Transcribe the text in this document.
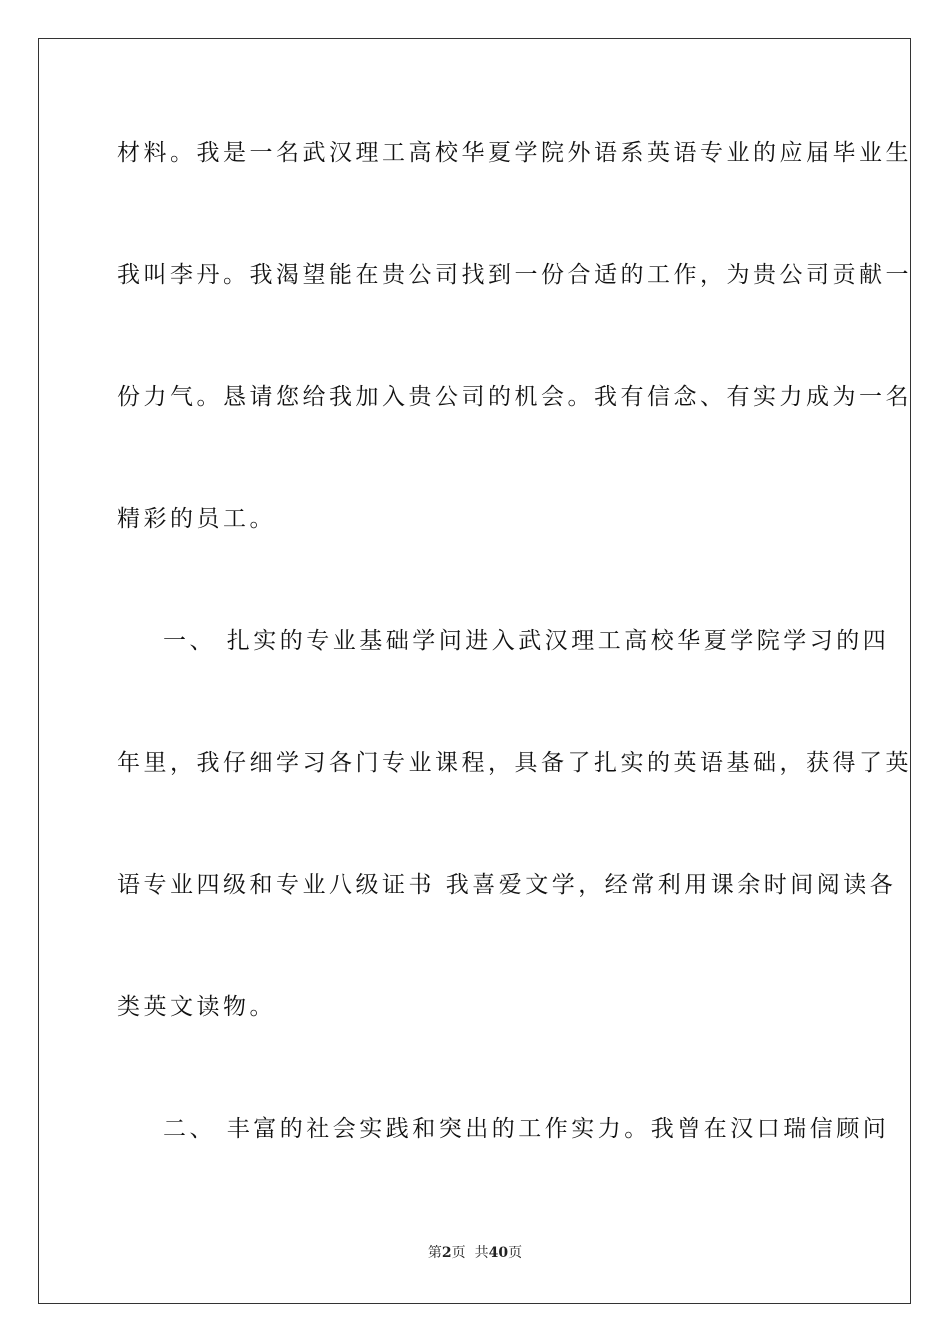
材料。我是一名武汉理工高校华夏学院外语系英语专业的应届毕业生
我叫李丹。我渴望能在贵公司找到一份合适的工作，为贵公司贡献一
份力气。恳请您给我加入贵公司的机会。我有信念、有实力成为一名
精彩的员工。
一、 扎实的专业基础学问进入武汉理工高校华夏学院学习的四
年里，我仔细学习各门专业课程，具备了扎实的英语基础，获得了英
语专业四级和专业八级证书 我喜爱文学，经常利用课余时间阅读各
类英文读物。
二、 丰富的社会实践和突出的工作实力。我曾在汉口瑞信顾问
第2页  共40页
